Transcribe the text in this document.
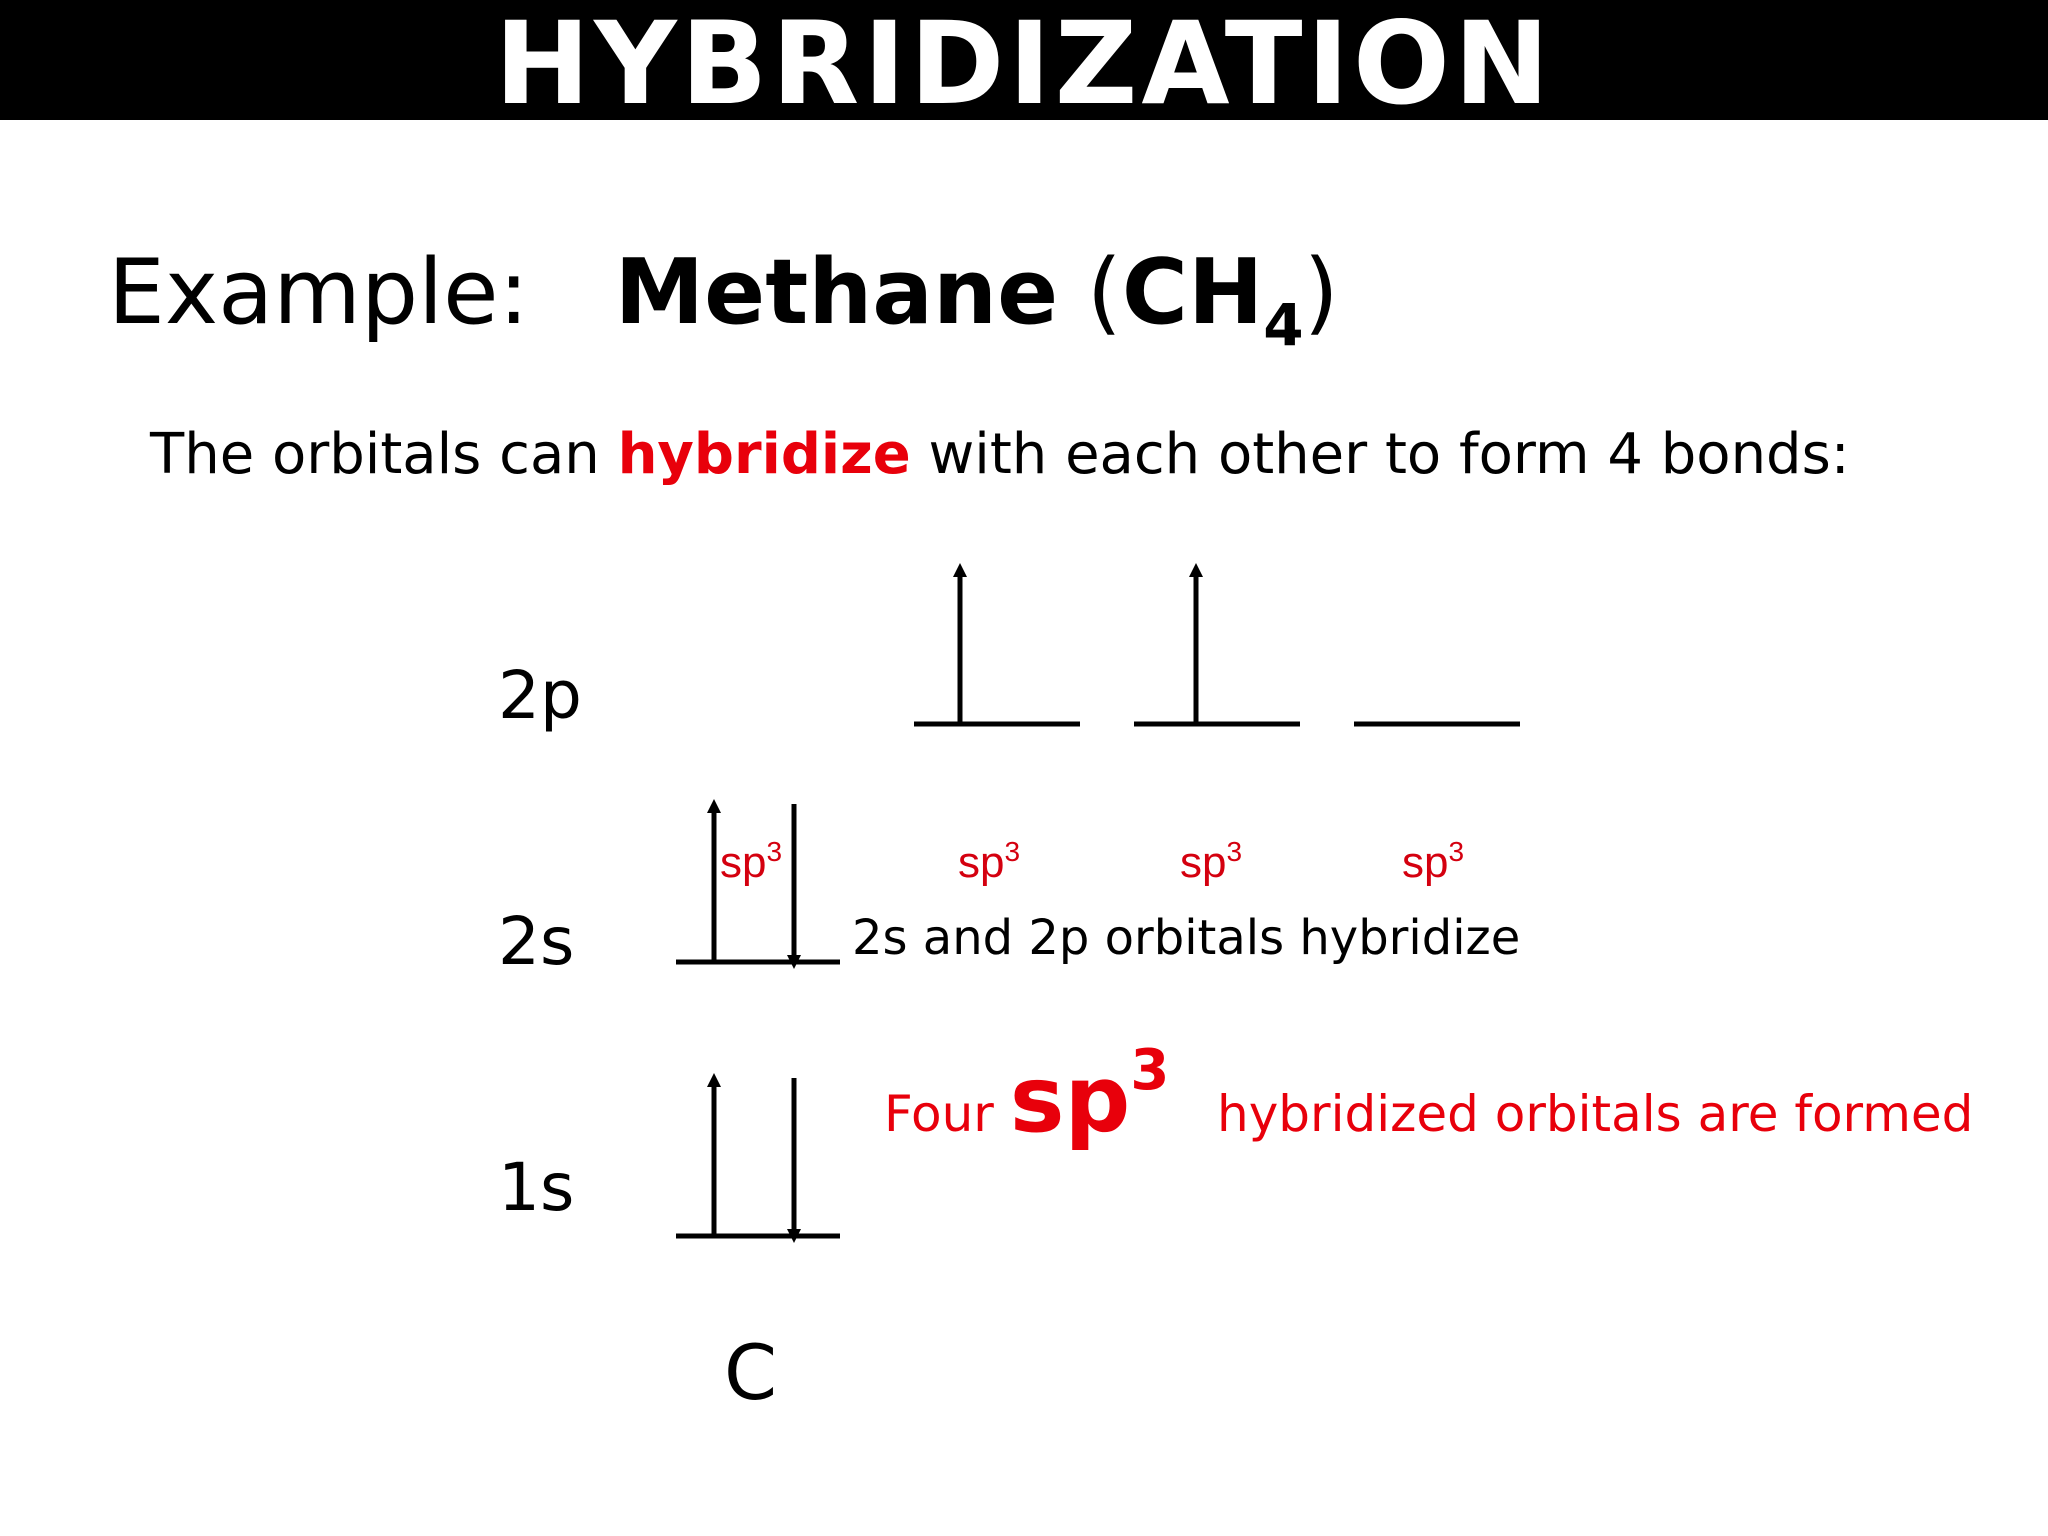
HYBRIDIZATION
Example: Methane $(CH_4)$
The orbitals can hybridize with each other to form 4 bonds:
2p
2s
1s
$sp^3$	$sp^3$	$sp^3$	$sp^3$
2s and 2p orbitals hybridize
Four $sp^3$   hybridized orbitals are formed
C
